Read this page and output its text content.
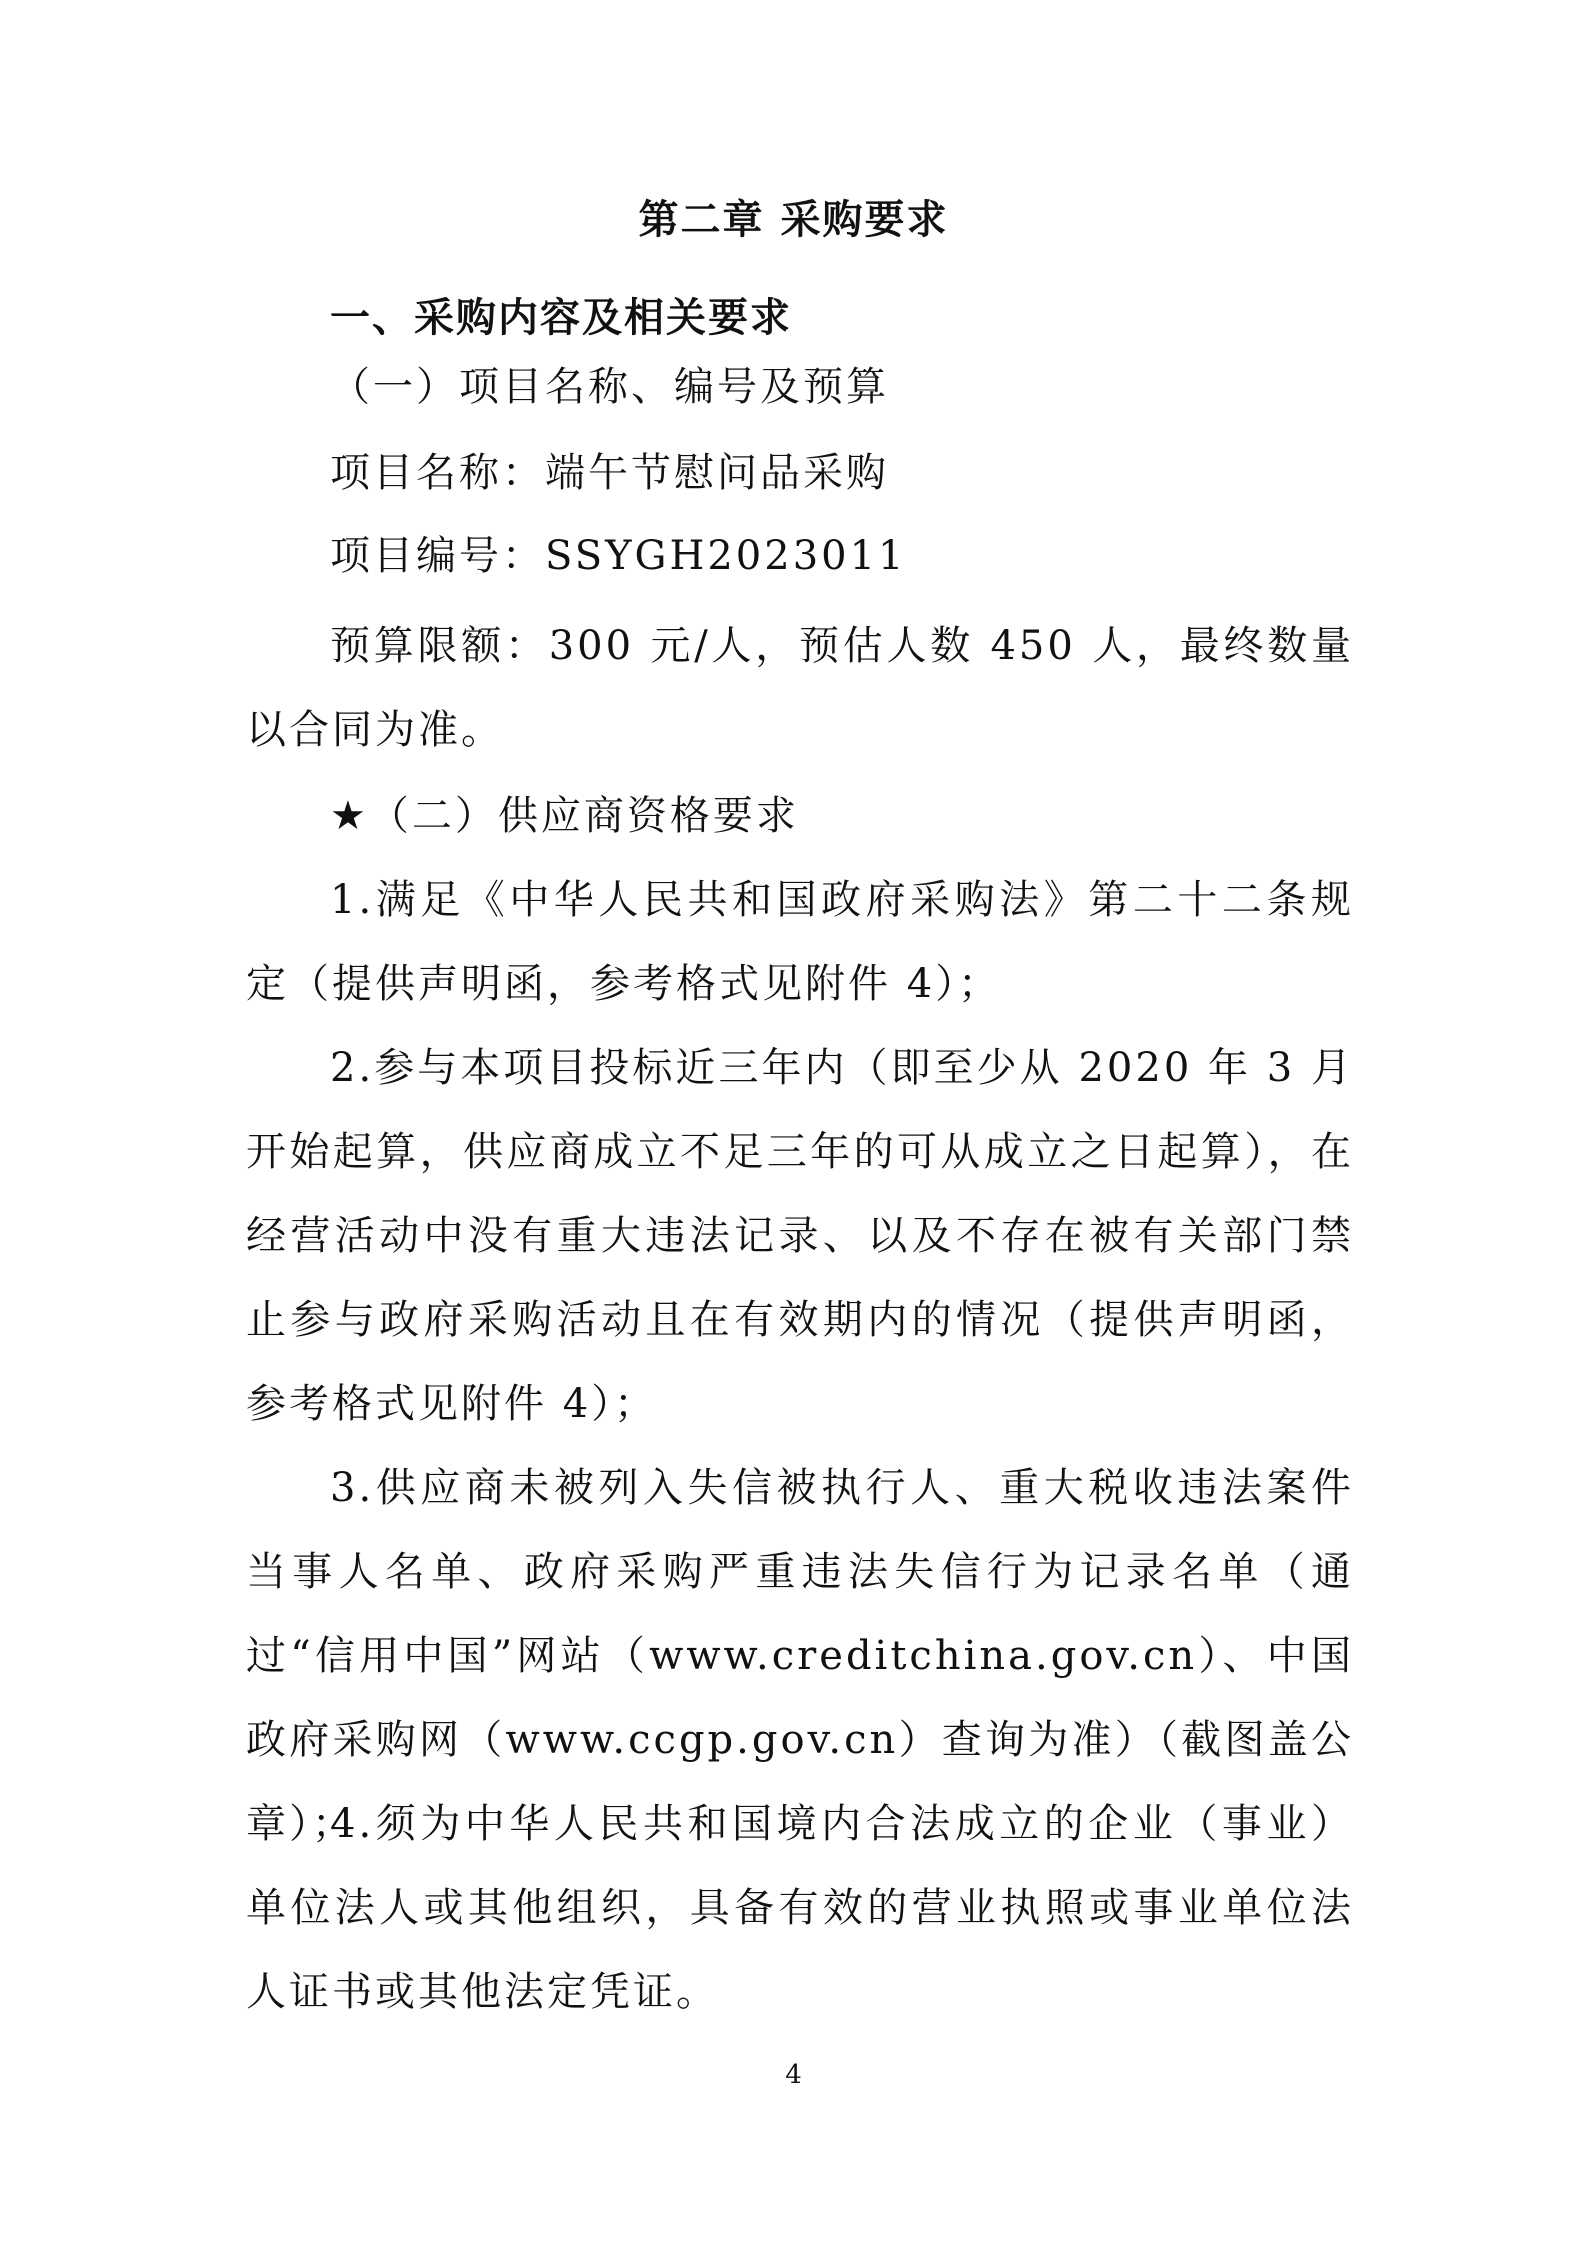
第二章 采购要求
一、采购内容及相关要求
（一）项目名称、编号及预算
项目名称：端午节慰问品采购
项目编号：SSYGH2023011

预算限额：300 元/人，预估人数 450 人，最终数量以合同为准。

★（二）供应商资格要求

1.满足《中华人民共和国政府采购法》第二十二条规定（提供声明函，参考格式见附件 4）；

2.参与本项目投标近三年内（即至少从 2020 年 3 月开始起算，供应商成立不足三年的可从成立之日起算），在经营活动中没有重大违法记录、以及不存在被有关部门禁止参与政府采购活动且在有效期内的情况（提供声明函，参考格式见附件 4）；

3.供应商未被列入失信被执行人、重大税收违法案件当事人名单、政府采购严重违法失信行为记录名单（通过“信用中国”网站（www.creditchina.gov.cn）、中国政府采购网（www.ccgp.gov.cn）查询为准）（截图盖公章）；

4.须为中华人民共和国境内合法成立的企业（事业）单位法人或其他组织，具备有效的营业执照或事业单位法人证书或其他法定凭证。

4
